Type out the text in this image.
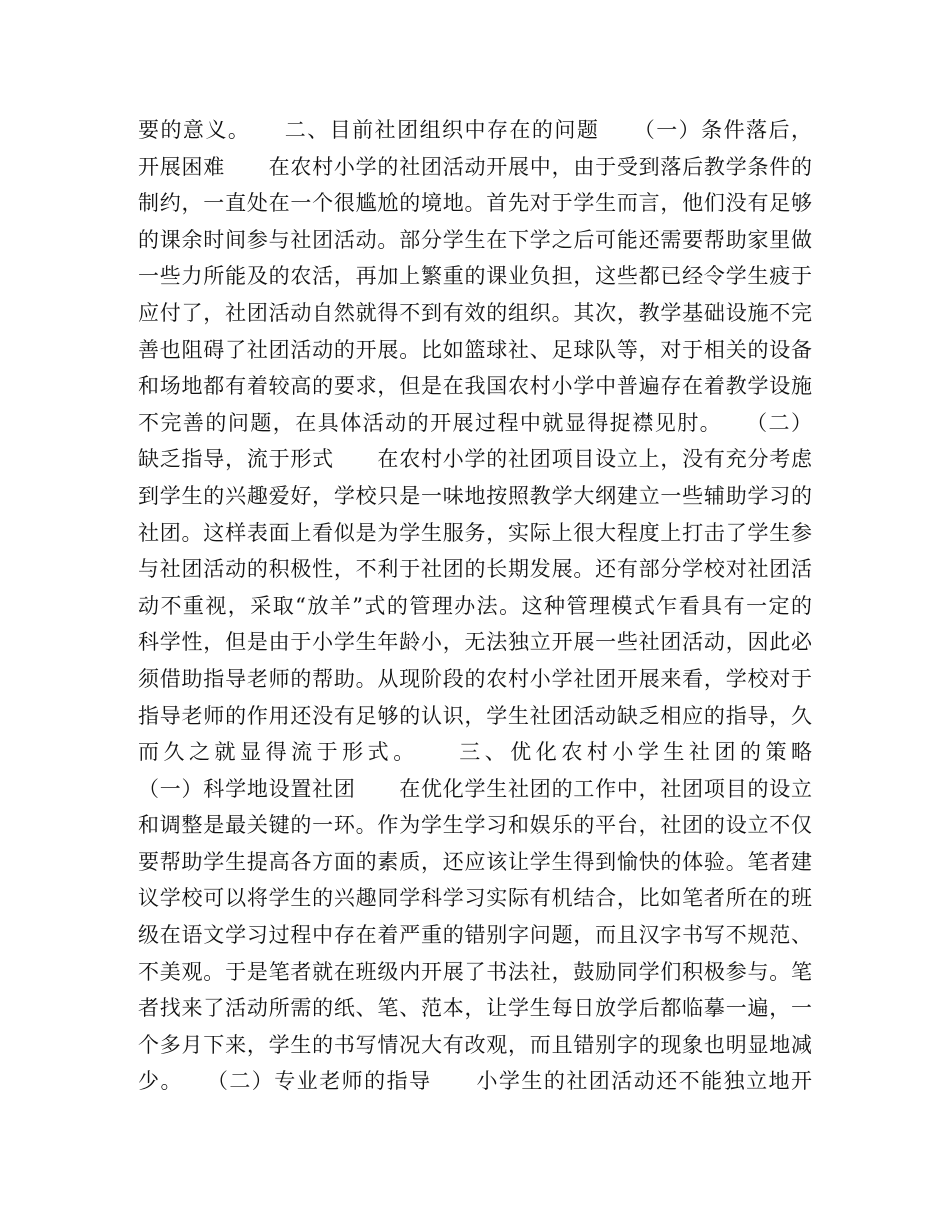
要的意义。　　二、目前社团组织中存在的问题　　（一）条件落后，
开展困难　　在农村小学的社团活动开展中，由于受到落后教学条件的
制约，一直处在一个很尴尬的境地。首先对于学生而言，他们没有足够
的课余时间参与社团活动。部分学生在下学之后可能还需要帮助家里做
一些力所能及的农活，再加上繁重的课业负担，这些都已经令学生疲于
应付了，社团活动自然就得不到有效的组织。其次，教学基础设施不完
善也阻碍了社团活动的开展。比如篮球社、足球队等，对于相关的设备
和场地都有着较高的要求，但是在我国农村小学中普遍存在着教学设施
不完善的问题，在具体活动的开展过程中就显得捉襟见肘。　　（二）
缺乏指导，流于形式　　在农村小学的社团项目设立上，没有充分考虑
到学生的兴趣爱好，学校只是一味地按照教学大纲建立一些辅助学习的
社团。这样表面上看似是为学生服务，实际上很大程度上打击了学生参
与社团活动的积极性，不利于社团的长期发展。还有部分学校对社团活
动不重视，采取“放羊”式的管理办法。这种管理模式乍看具有一定的
科学性，但是由于小学生年龄小，无法独立开展一些社团活动，因此必
须借助指导老师的帮助。从现阶段的农村小学社团开展来看，学校对于
指导老师的作用还没有足够的认识，学生社团活动缺乏相应的指导，久
而久之就显得流于形式。　　三、优化农村小学生社团的策略
（一）科学地设置社团　　在优化学生社团的工作中，社团项目的设立
和调整是最关键的一环。作为学生学习和娱乐的平台，社团的设立不仅
要帮助学生提高各方面的素质，还应该让学生得到愉快的体验。笔者建
议学校可以将学生的兴趣同学科学习实际有机结合，比如笔者所在的班
级在语文学习过程中存在着严重的错别字问题，而且汉字书写不规范、
不美观。于是笔者就在班级内开展了书法社，鼓励同学们积极参与。笔
者找来了活动所需的纸、笔、范本，让学生每日放学后都临摹一遍，一
个多月下来，学生的书写情况大有改观，而且错别字的现象也明显地减
少。　　（二）专业老师的指导　　小学生的社团活动还不能独立地开
